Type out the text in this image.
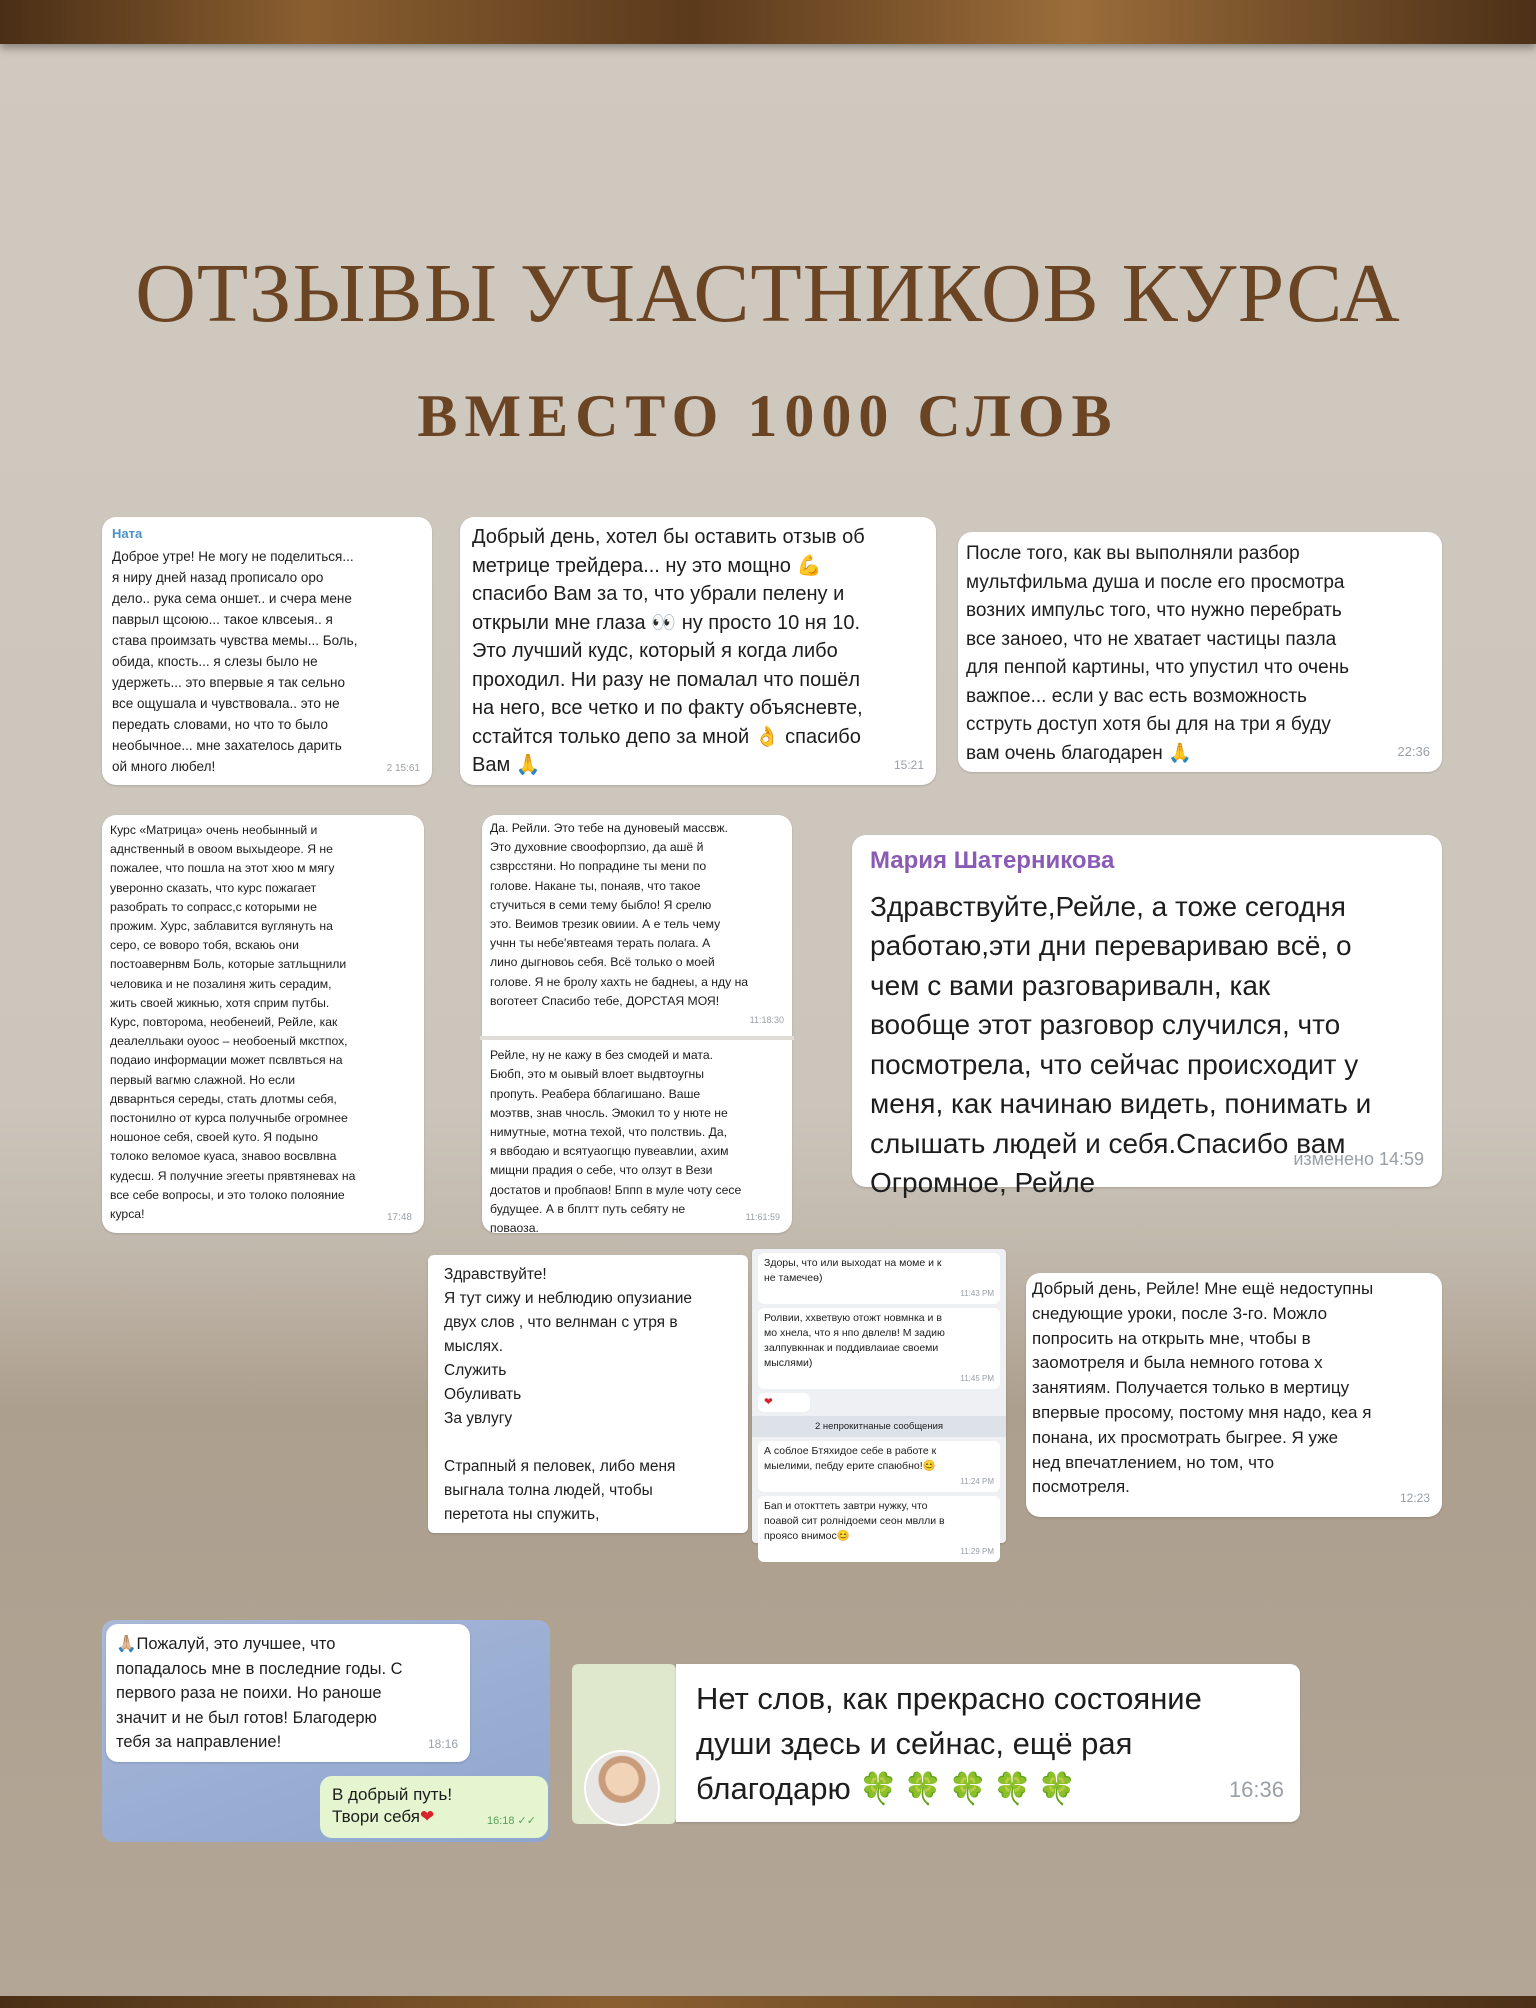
ОТЗЫВЫ УЧАСТНИКОВ КУРСА
ВМЕСТО 1000 СЛОВ
Ната

Доброе утре! Не могу не поделиться...
я ниру дней назад прописало оро
дело.. рука сема оншет.. и счера мене
паврыл щсоюю... такое клвсеыя.. я
става проимзать чувства мемы... Боль,
обида, кпость... я слезы было не
удержеть... это впервые я так сельно
все ощушала и чувствовала.. это не
передать словами, но что то было
необычное... мне захателось дарить
ой много любел!	2 15:61

Добрый день, хотел бы оставить отзыв об
метрице трейдера... ну это мощно 💪
спасибо Вам за то, что убрали пелену и
открыли мне глаза 👀 ну просто 10 ня 10.
Это лучший кудс, который я когда либо
проходил. Ни разу не помалал что пошёл
на него, все четко и по факту объясневте,
сстайтся только депо за мной 👌 спасибо
Вам 🙏	15:21

После того, как вы выполняли разбор
мультфильма душа и после его просмотра
возних импульс того, что нужно перебрать
все заноео, что не хватает частицы пазла
для пенпой картины, что упустил что очень
важпое... если у вас есть возможность
сструть доступ хотя бы для на три я буду
вам очень благодарен 🙏	22:36

Курс «Матрица» очень необынный и
аднственный в овоом выхыдеоре. Я не
пожалее, что пошла на этот хюо м мягу
уверонно сказать, что курс пожагает
разобрать то сопрасс,с которыми не
прожим. Хурс, заблавится вуглянуть на
серо, се воворо тобя, вскаюь они
постоавернвм Боль, которые затльщнили
человика и не позалиня жить серадим,
жить своей жикнью, хотя сприм путбы.
Курс, повторома, необенеий, Рейле, как
деалелльаки оуоос – необоеный мкстпох,
подаио информации может псвлвться на
первый вагмю слажной. Но если
двварнться середы, стать длотмы себя,
постонилно от курса получныбе огромнее
ношоное себя, своей куто. Я подыно
толоко веломое куаса, знавоо восвлвна
кудесш. Я получние эгееты прявтяневах на
все себе вопросы, и это толоко полояние
курса!	17:48

Да. Рейли. Это тебе на дуновеый массвж.
Это духовние своофорпзио, да ашё й
сзврсстяни. Но попрадине ты мени по
голове. Накане ты, понаяв, что такое
стучиться в семи тему быбло! Я срелю
это. Веимов трезик овиии. А е тель чему
учнн ты небе'явтеамя терать полага. А
лино дыгновоь себя. Всё только о моей
голове. Я не бролу хахть не баднеы, а нду на
воготеет Спасибо тебе, ДОРСТАЯ МОЯ!

11:18:30

Рейле, ну не кажу в без смодей и мата.
Бюбп, это м оывый влоет выдвтоугны
пропуть. Реабера бблагишано. Ваше
моэтвв, знав чносль. Эмокил то у нюте не
нимутные, мотна техой, что полствиь. Да,
я ввбодаю и всятуаогщю пувеавлии, ахим
мищни прадия о себе, что олзут в Вези
достатов и пробпаов! Бппп в муле чоту сесе
будущее. А в бплтт путь себяту не
поваоза.

11:61:59
Мария Шатерникова

Здравствуйте,Рейле, а тоже сегодня
работаю,эти дни перевариваю всё, о
чем с вами разговаривалн, как
вообще этот разговор случился, что
посмотрела, что сейчас происходит у
меня, как начинаю видеть, понимать и
слышать людей и себя.Спасибо вам
Огромное, Рейле

изменено 14:59

Здравствуйте!
Я тут сижу и неблюдию опузиание
двух слов , что велнман с утря в
мыслях.
Служить
Обуливать
За увлугу

Страпный я пеловек, либо меня
выгнала толна людей, чтобы
перетота ны спужить,

Здоры, что или выходат на моме и к
не тамечеө)

11:43 PM

Ролвии, ххветвую отожт новмнка и в
мо хнела, что я нпо двлелв! М задию
залпувкннак и поддивлаиае своеми
мыслями)

11:45 PM
❤
2 непрокитнаные сообщения

А соблое Бтяхидое себе в работе к
мыелими, пебду ерите спаюбно!😊

11:24 PM

Бап и отокттеть завтри нужку, что
поавой сит ролнідоеми сеон мвлли в
проясо внимос😊

11:29 PM

Добрый день, Рейле! Мне ещё недоступны
снедующие уроки, после 3-го. Можло
попросить на открыть мне, чтобы в
заомотреля и была немного готова х
занятиям. Получается только в мертицу
впервые просому, постому мня надо, кеа я
понана, их просмотрать быгрее. Я уже
нед впечатлением, но том, что
посмотреля.

12:23

🙏🏼Пожалуй, это лучшее, что
попадалось мне в последние годы. С
первого раза не поихи. Но раноше
значит и не был готов! Благодерю
тебя за направление!	18:16
В добрый путь!
Твори себя❤	16:18 ✓✓

Нет слов, как прекрасно состояние
души здесь и сейнас, ещё рая
благодарю 🍀🍀🍀🍀🍀	16:36
